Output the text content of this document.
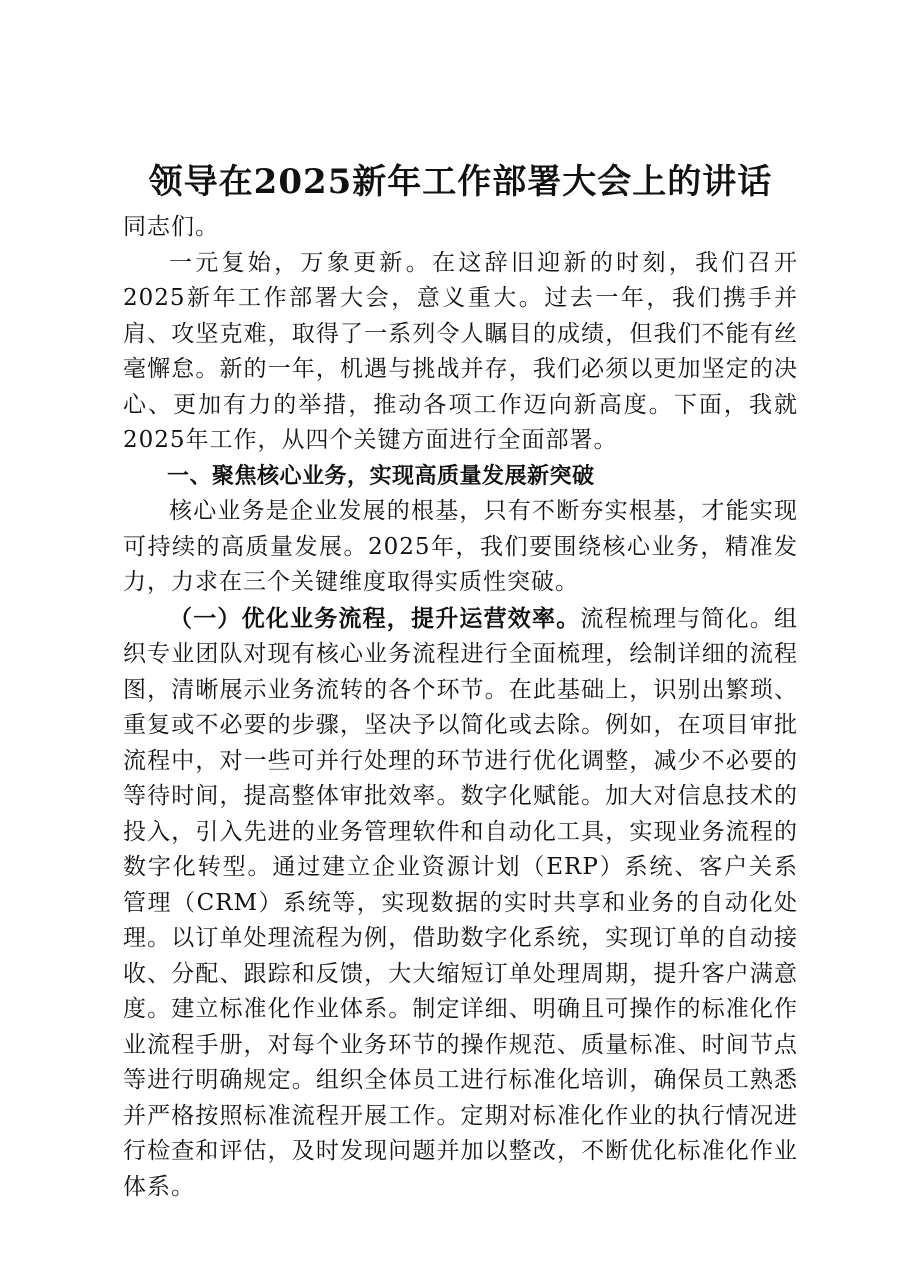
领导在2025新年工作部署大会上的讲话

同志们。

一元复始，万象更新。在这辞旧迎新的时刻，我们召开2025新年工作部署大会，意义重大。过去一年，我们携手并肩、攻坚克难，取得了一系列令人瞩目的成绩，但我们不能有丝毫懈怠。新的一年，机遇与挑战并存，我们必须以更加坚定的决心、更加有力的举措，推动各项工作迈向新高度。下面，我就2025年工作，从四个关键方面进行全面部署。

一、聚焦核心业务，实现高质量发展新突破

核心业务是企业发展的根基，只有不断夯实根基，才能实现可持续的高质量发展。2025年，我们要围绕核心业务，精准发力，力求在三个关键维度取得实质性突破。

（一）优化业务流程，提升运营效率。流程梳理与简化。组织专业团队对现有核心业务流程进行全面梳理，绘制详细的流程图，清晰展示业务流转的各个环节。在此基础上，识别出繁琐、重复或不必要的步骤，坚决予以简化或去除。例如，在项目审批流程中，对一些可并行处理的环节进行优化调整，减少不必要的等待时间，提高整体审批效率。数字化赋能。加大对信息技术的投入，引入先进的业务管理软件和自动化工具，实现业务流程的数字化转型。通过建立企业资源计划（ERP）系统、客户关系管理（CRM）系统等，实现数据的实时共享和业务的自动化处理。以订单处理流程为例，借助数字化系统，实现订单的自动接收、分配、跟踪和反馈，大大缩短订单处理周期，提升客户满意度。建立标准化作业体系。制定详细、明确且可操作的标准化作业流程手册，对每个业务环节的操作规范、质量标准、时间节点等进行明确规定。组织全体员工进行标准化培训，确保员工熟悉并严格按照标准流程开展工作。定期对标准化作业的执行情况进行检查和评估，及时发现问题并加以整改，不断优化标准化作业体系。
